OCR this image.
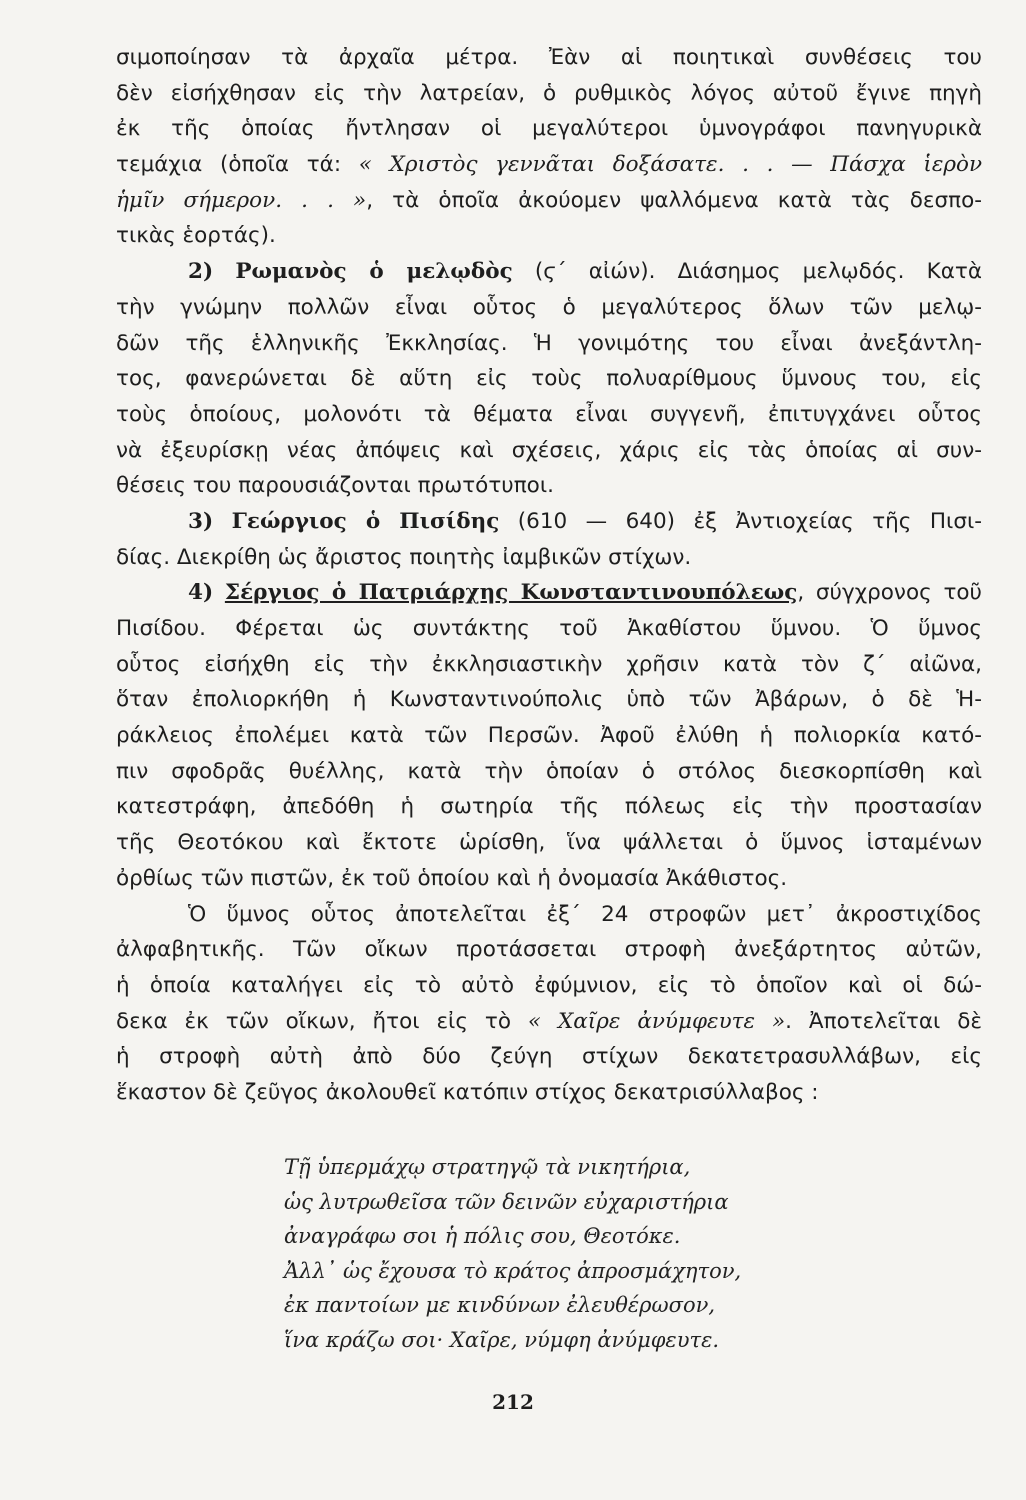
σιμοποίησαν τὰ ἀρχαῖα μέτρα. Ἐὰν αἱ ποιητικαὶ συνθέσεις του
δὲν εἰσήχθησαν εἰς τὴν λατρείαν, ὁ ρυθμικὸς λόγος αὐτοῦ ἔγινε πηγὴ
ἐκ τῆς ὁποίας ἤντλησαν οἱ μεγαλύτεροι ὑμνογράφοι πανηγυρικὰ
τεμάχια (ὁποῖα τά: « Χριστὸς γεννᾶται δοξάσατε. . . — Πάσχα ἱερὸν
ἡμῖν σήμερον. . . », τὰ ὁποῖα ἀκούομεν ψαλλόμενα κατὰ τὰς δεσπο-
τικὰς ἑορτάς).
2) Ρωμανὸς ὁ μελῳδὸς (ϛ΄ αἰών). Διάσημος μελῳδός. Κατὰ
τὴν γνώμην πολλῶν εἶναι οὗτος ὁ μεγαλύτερος ὅλων τῶν μελῳ-
δῶν τῆς ἑλληνικῆς Ἐκκλησίας. Ἡ γονιμότης του εἶναι ἀνεξάντλη-
τος, φανερώνεται δὲ αὕτη εἰς τοὺς πολυαρίθμους ὕμνους του, εἰς
τοὺς ὁποίους, μολονότι τὰ θέματα εἶναι συγγενῆ, ἐπιτυγχάνει οὗτος
νὰ ἐξευρίσκῃ νέας ἀπόψεις καὶ σχέσεις, χάρις εἰς τὰς ὁποίας αἱ συν-
θέσεις του παρουσιάζονται πρωτότυποι.
3) Γεώργιος ὁ Πισίδης (610 — 640) ἐξ Ἀντιοχείας τῆς Πισι-
δίας. Διεκρίθη ὡς ἄριστος ποιητὴς ἰαμβικῶν στίχων.
4) Σέργιος ὁ Πατριάρχης Κωνσταντινουπόλεως, σύγχρονος τοῦ
Πισίδου. Φέρεται ὡς συντάκτης τοῦ Ἀκαθίστου ὕμνου. Ὁ ὕμνος
οὗτος εἰσήχθη εἰς τὴν ἐκκλησιαστικὴν χρῆσιν κατὰ τὸν ζ΄ αἰῶνα,
ὅταν ἐπολιορκήθη ἡ Κωνσταντινούπολις ὑπὸ τῶν Ἀβάρων, ὁ δὲ Ἡ-
ράκλειος ἐπολέμει κατὰ τῶν Περσῶν. Ἀφοῦ ἐλύθη ἡ πολιορκία κατό-
πιν σφοδρᾶς θυέλλης, κατὰ τὴν ὁποίαν ὁ στόλος διεσκορπίσθη καὶ
κατεστράφη, ἀπεδόθη ἡ σωτηρία τῆς πόλεως εἰς τὴν προστασίαν
τῆς Θεοτόκου καὶ ἔκτοτε ὡρίσθη, ἵνα ψάλλεται ὁ ὕμνος ἱσταμένων
ὀρθίως τῶν πιστῶν, ἐκ τοῦ ὁποίου καὶ ἡ ὀνομασία Ἀκάθιστος.
Ὁ ὕμνος οὗτος ἀποτελεῖται ἐξ΄ 24 στροφῶν μετ᾽ ἀκροστιχίδος
ἀλφαβητικῆς. Τῶν οἴκων προτάσσεται στροφὴ ἀνεξάρτητος αὐτῶν,
ἡ ὁποία καταλήγει εἰς τὸ αὐτὸ ἐφύμνιον, εἰς τὸ ὁποῖον καὶ οἱ δώ-
δεκα ἐκ τῶν οἴκων, ἤτοι εἰς τὸ « Χαῖρε ἀνύμφευτε ». Ἀποτελεῖται δὲ
ἡ στροφὴ αὐτὴ ἀπὸ δύο ζεύγη στίχων δεκατετρασυλλάβων, εἰς
ἕκαστον δὲ ζεῦγος ἀκολουθεῖ κατόπιν στίχος δεκατρισύλλαβος :
Τῇ ὑπερμάχῳ στρατηγῷ τὰ νικητήρια,
ὡς λυτρωθεῖσα τῶν δεινῶν εὐχαριστήρια
ἀναγράφω σοι ἡ πόλις σου, Θεοτόκε.
Ἀλλ᾽ ὡς ἔχουσα τὸ κράτος ἀπροσμάχητον,
ἐκ παντοίων με κινδύνων ἐλευθέρωσον,
ἵνα κράζω σοι· Χαῖρε, νύμφη ἀνύμφευτε.
212
